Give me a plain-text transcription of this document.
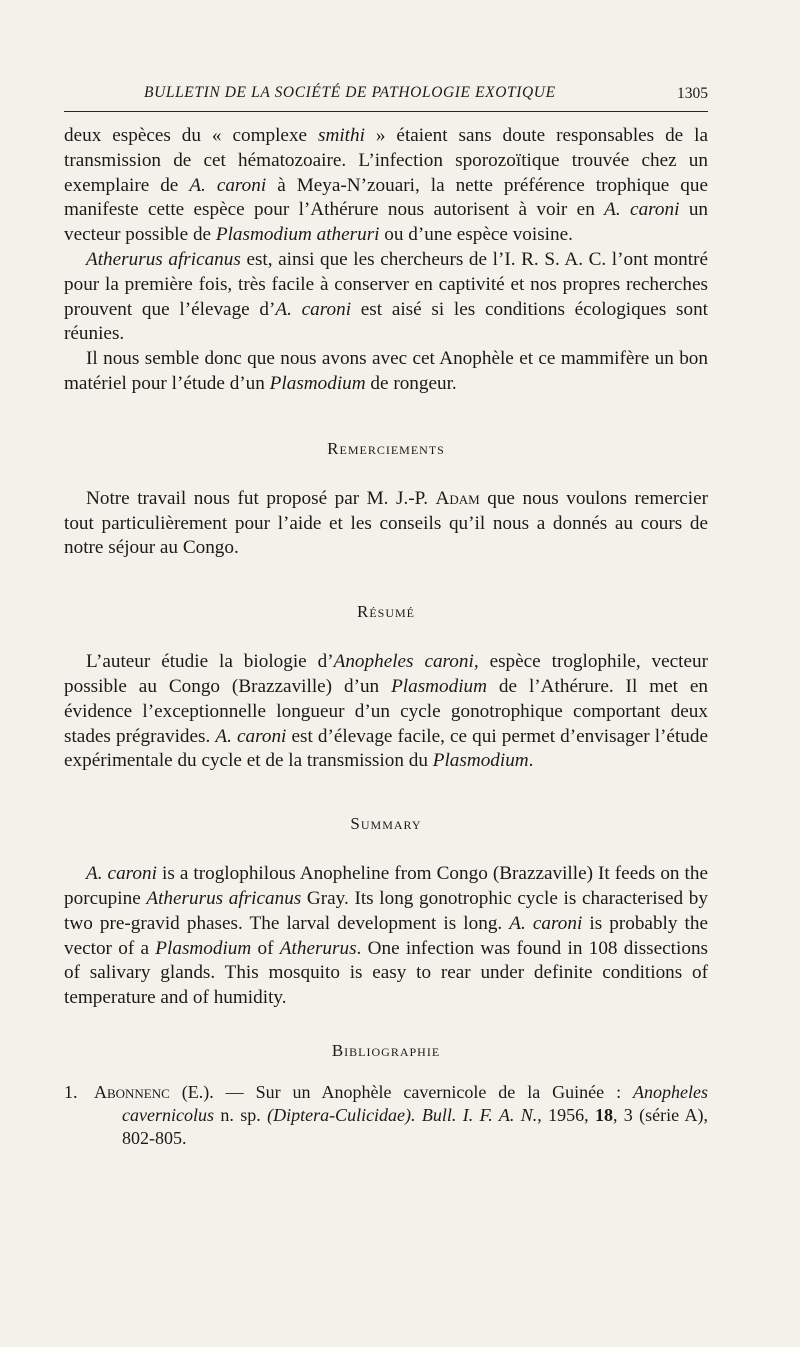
BULLETIN DE LA SOCIÉTÉ DE PATHOLOGIE EXOTIQUE	1305

deux espèces du « complexe smithi » étaient sans doute responsables de la transmission de cet hématozoaire. L’infection sporozoïtique trouvée chez un exemplaire de A. caroni à Meya-N’zouari, la nette préférence trophique que manifeste cette espèce pour l’Athérure nous autorisent à voir en A. caroni un vecteur possible de Plasmodium atheruri ou d’une espèce voisine.

Atherurus africanus est, ainsi que les chercheurs de l’I. R. S. A. C. l’ont montré pour la première fois, très facile à conserver en captivité et nos propres recherches prouvent que l’élevage d’A. caroni est aisé si les conditions écologiques sont réunies.

Il nous semble donc que nous avons avec cet Anophèle et ce mammifère un bon matériel pour l’étude d’un Plasmodium de rongeur.

Remerciements

Notre travail nous fut proposé par M. J.-P. Adam que nous voulons remercier tout particulièrement pour l’aide et les conseils qu’il nous a donnés au cours de notre séjour au Congo.

Résumé

L’auteur étudie la biologie d’Anopheles caroni, espèce troglophile, vecteur possible au Congo (Brazzaville) d’un Plasmodium de l’Athérure. Il met en évidence l’exceptionnelle longueur d’un cycle gonotrophique comportant deux stades prégravides. A. caroni est d’élevage facile, ce qui permet d’envisager l’étude expérimentale du cycle et de la transmission du Plasmodium.

Summary

A. caroni is a troglophilous Anopheline from Congo (Brazzaville) It feeds on the porcupine Atherurus africanus Gray. Its long gonotrophic cycle is characterised by two pre-gravid phases. The larval development is long. A. caroni is probably the vector of a Plasmodium of Atherurus. One infection was found in 108 dissections of salivary glands. This mosquito is easy to rear under definite conditions of temperature and of humidity.

Bibliographie

1. Abonnenc (E.). — Sur un Anophèle cavernicole de la Guinée : Anopheles cavernicolus n. sp. (Diptera-Culicidae). Bull. I. F. A. N., 1956, 18, 3 (série A), 802-805.
